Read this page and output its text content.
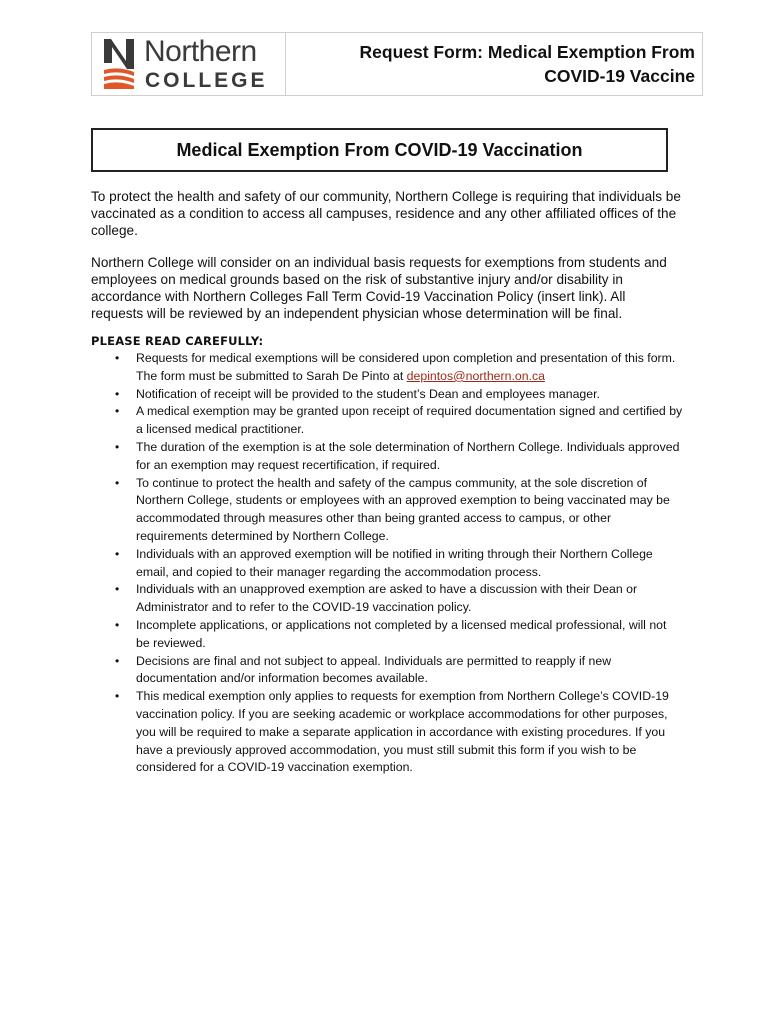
Northern
COLLEGE
Request Form: Medical Exemption From
COVID-19 Vaccine
Medical Exemption From COVID-19 Vaccination

To protect the health and safety of our community, Northern College is requiring that individuals be vaccinated as a condition to access all campuses, residence and any other affiliated offices of the college.

Northern College will consider on an individual basis requests for exemptions from students and employees on medical grounds based on the risk of substantive injury and/or disability in accordance with Northern Colleges Fall Term Covid-19 Vaccination Policy (insert link). All requests will be reviewed by an independent physician whose determination will be final.

PLEASE READ CAREFULLY:
• Requests for medical exemptions will be considered upon completion and presentation of this form. The form must be submitted to Sarah De Pinto at depintos@northern.on.ca
• Notification of receipt will be provided to the student’s Dean and employees manager.
• A medical exemption may be granted upon receipt of required documentation signed and certified by a licensed medical practitioner.
• The duration of the exemption is at the sole determination of Northern College. Individuals approved for an exemption may request recertification, if required.
• To continue to protect the health and safety of the campus community, at the sole discretion of Northern College, students or employees with an approved exemption to being vaccinated may be accommodated through measures other than being granted access to campus, or other requirements determined by Northern College.
• Individuals with an approved exemption will be notified in writing through their Northern College email, and copied to their manager regarding the accommodation process.
• Individuals with an unapproved exemption are asked to have a discussion with their Dean or Administrator and to refer to the COVID-19 vaccination policy.
• Incomplete applications, or applications not completed by a licensed medical professional, will not be reviewed.
• Decisions are final and not subject to appeal. Individuals are permitted to reapply if new documentation and/or information becomes available.
• This medical exemption only applies to requests for exemption from Northern College’s COVID-19 vaccination policy. If you are seeking academic or workplace accommodations for other purposes, you will be required to make a separate application in accordance with existing procedures. If you have a previously approved accommodation, you must still submit this form if you wish to be considered for a COVID-19 vaccination exemption.
